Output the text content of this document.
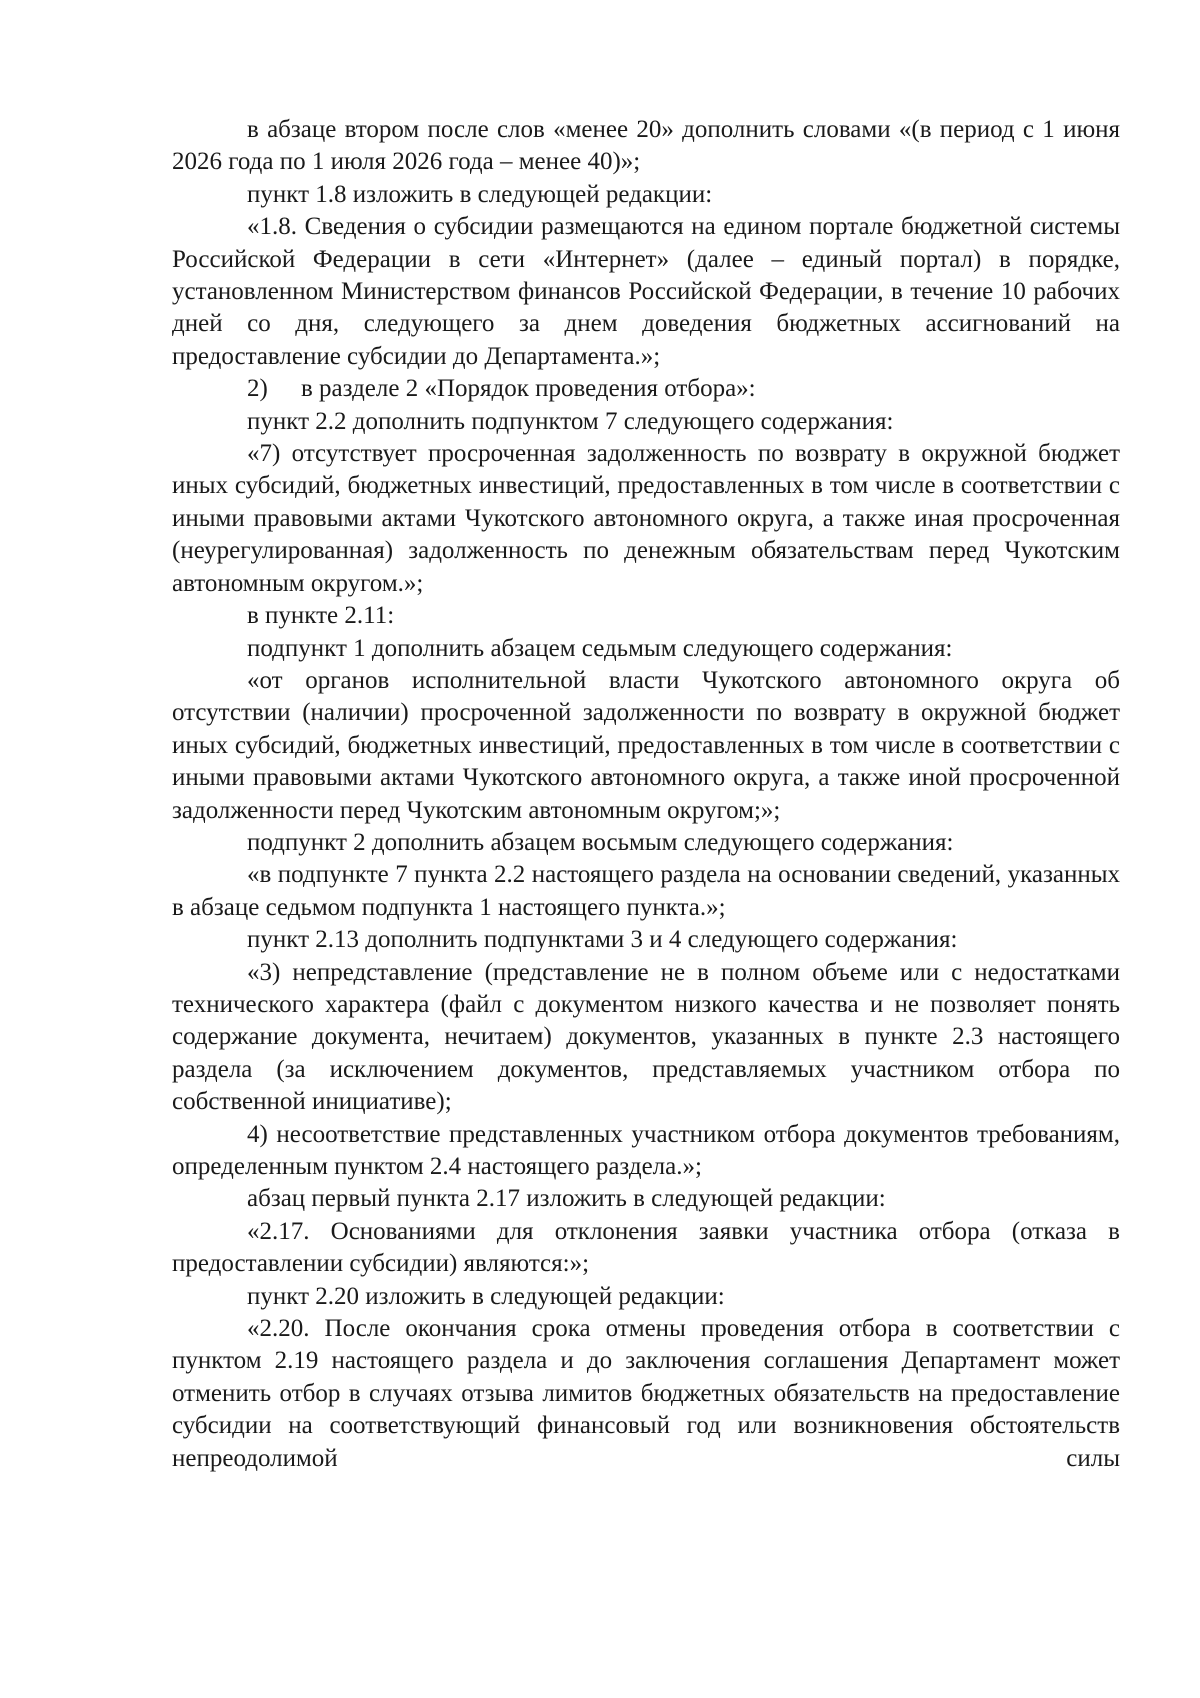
в абзаце втором после слов «менее 20» дополнить словами «(в период с 1 июня 2026 года по 1 июля 2026 года – менее 40)»;

пункт 1.8 изложить в следующей редакции:

«1.8. Сведения о субсидии размещаются на едином портале бюджетной системы Российской Федерации в сети «Интернет» (далее – единый портал) в порядке, установленном Министерством финансов Российской Федерации, в течение 10 рабочих дней со дня, следующего за днем доведения бюджетных ассигнований на предоставление субсидии до Департамента.»;

2) в разделе 2 «Порядок проведения отбора»:

пункт 2.2 дополнить подпунктом 7 следующего содержания:

«7) отсутствует просроченная задолженность по возврату в окружной бюджет иных субсидий, бюджетных инвестиций, предоставленных в том числе в соответствии с иными правовыми актами Чукотского автономного округа, а также иная просроченная (неурегулированная) задолженность по денежным обязательствам перед Чукотским автономным округом.»;

в пункте 2.11:

подпункт 1 дополнить абзацем седьмым следующего содержания:

«от органов исполнительной власти Чукотского автономного округа об отсутствии (наличии) просроченной задолженности по возврату в окружной бюджет иных субсидий, бюджетных инвестиций, предоставленных в том числе в соответствии с иными правовыми актами Чукотского автономного округа, а также иной просроченной задолженности перед Чукотским автономным округом;»;

подпункт 2 дополнить абзацем восьмым следующего содержания:

«в подпункте 7 пункта 2.2 настоящего раздела на основании сведений, указанных в абзаце седьмом подпункта 1 настоящего пункта.»;

пункт 2.13 дополнить подпунктами 3 и 4 следующего содержания:

«3) непредставление (представление не в полном объеме или с недостатками технического характера (файл с документом низкого качества и не позволяет понять содержание документа, нечитаем) документов, указанных в пункте 2.3 настоящего раздела (за исключением документов, представляемых участником отбора по собственной инициативе);

4) несоответствие представленных участником отбора документов требованиям, определенным пунктом 2.4 настоящего раздела.»;

абзац первый пункта 2.17 изложить в следующей редакции:

«2.17. Основаниями для отклонения заявки участника отбора (отказа в предоставлении субсидии) являются:»;

пункт 2.20 изложить в следующей редакции:

«2.20. После окончания срока отмены проведения отбора в соответствии с пунктом 2.19 настоящего раздела и до заключения соглашения Департамент может отменить отбор в случаях отзыва лимитов бюджетных обязательств на предоставление субсидии на соответствующий финансовый год или возникновения обстоятельств непреодолимой силы
